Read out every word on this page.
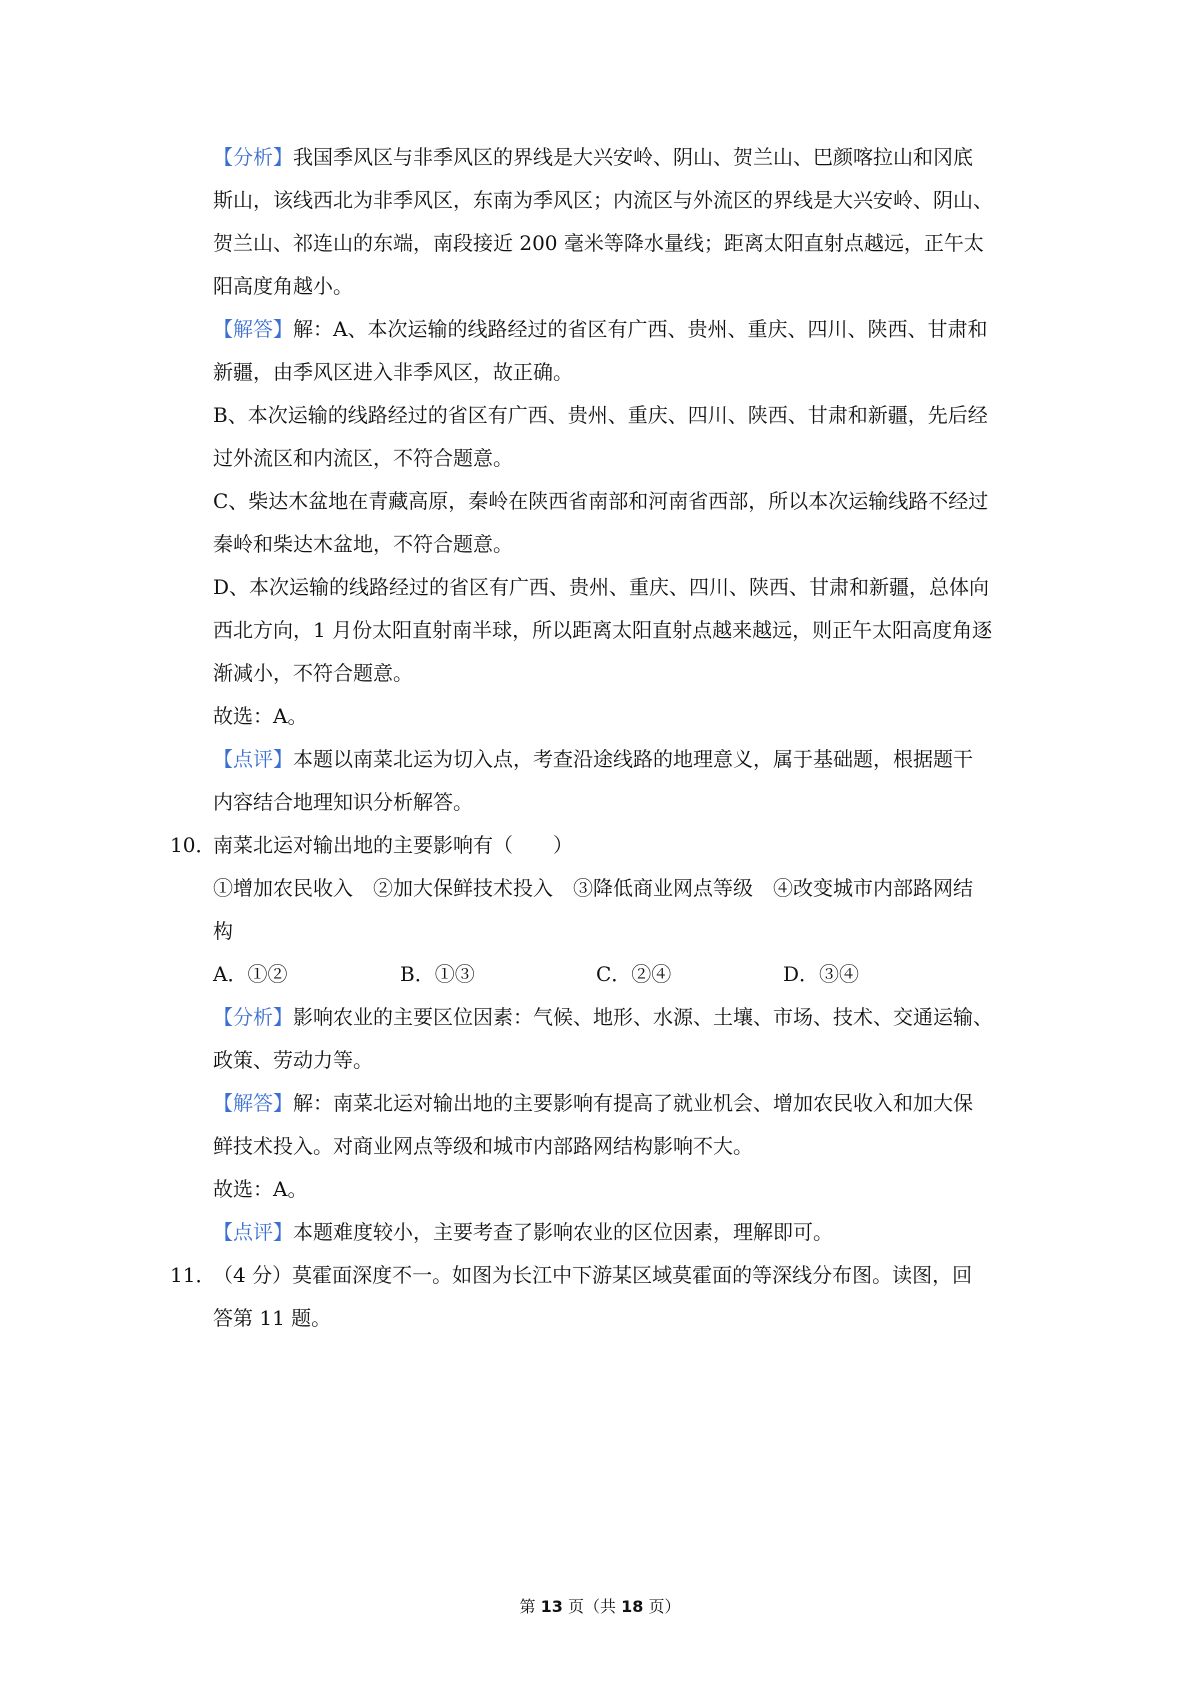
【分析】我国季风区与非季风区的界线是大兴安岭、阴山、贺兰山、巴颜喀拉山和冈底
斯山，该线西北为非季风区，东南为季风区；内流区与外流区的界线是大兴安岭、阴山、
贺兰山、祁连山的东端，南段接近 200 毫米等降水量线；距离太阳直射点越远，正午太
阳高度角越小。
【解答】解：A、本次运输的线路经过的省区有广西、贵州、重庆、四川、陕西、甘肃和
新疆，由季风区进入非季风区，故正确。
B、本次运输的线路经过的省区有广西、贵州、重庆、四川、陕西、甘肃和新疆，先后经
过外流区和内流区，不符合题意。
C、柴达木盆地在青藏高原，秦岭在陕西省南部和河南省西部，所以本次运输线路不经过
秦岭和柴达木盆地，不符合题意。
D、本次运输的线路经过的省区有广西、贵州、重庆、四川、陕西、甘肃和新疆，总体向
西北方向，1 月份太阳直射南半球，所以距离太阳直射点越来越远，则正午太阳高度角逐
渐减小，不符合题意。
故选：A。
【点评】本题以南菜北运为切入点，考查沿途线路的地理意义，属于基础题，根据题干
内容结合地理知识分析解答。
10．
南菜北运对输出地的主要影响有（　　）
①增加农民收入　②加大保鲜技术投入　③降低商业网点等级　④改变城市内部路网结
构
A．①②	B．①③	C．②④	D．③④
【分析】影响农业的主要区位因素：气候、地形、水源、土壤、市场、技术、交通运输、
政策、劳动力等。
【解答】解：南菜北运对输出地的主要影响有提高了就业机会、增加农民收入和加大保
鲜技术投入。对商业网点等级和城市内部路网结构影响不大。
故选：A。
【点评】本题难度较小，主要考查了影响农业的区位因素，理解即可。
11．
（4 分）莫霍面深度不一。如图为长江中下游某区域莫霍面的等深线分布图。读图，回
答第 11 题。
第 13 页（共 18 页）
